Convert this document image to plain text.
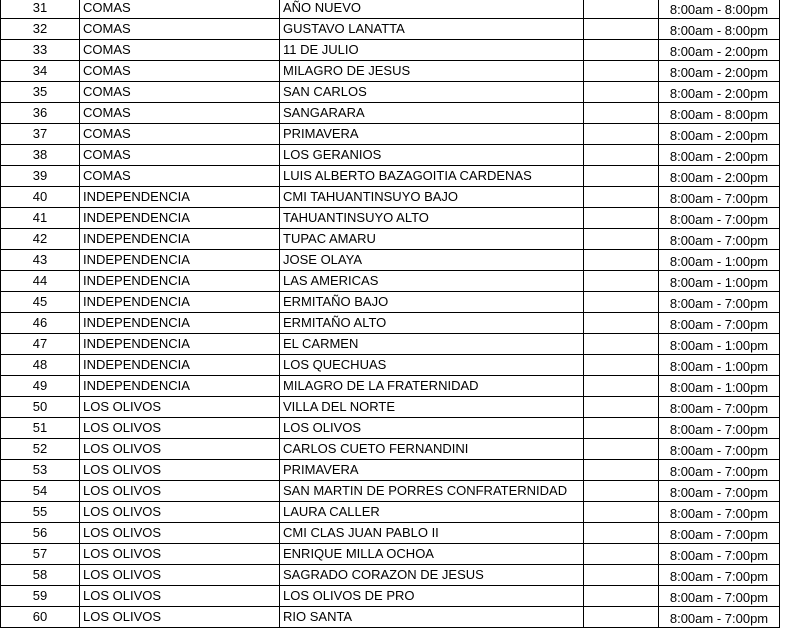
31	COMAS	AÑO NUEVO		8:00am - 8:00pm
32	COMAS	GUSTAVO LANATTA		8:00am - 8:00pm
33	COMAS	11 DE JULIO		8:00am - 2:00pm
34	COMAS	MILAGRO DE JESUS		8:00am - 2:00pm
35	COMAS	SAN CARLOS		8:00am - 2:00pm
36	COMAS	SANGARARA		8:00am - 8:00pm
37	COMAS	PRIMAVERA		8:00am - 2:00pm
38	COMAS	LOS GERANIOS		8:00am - 2:00pm
39	COMAS	LUIS ALBERTO BAZAGOITIA CARDENAS		8:00am - 2:00pm
40	INDEPENDENCIA	CMI TAHUANTINSUYO BAJO		8:00am - 7:00pm
41	INDEPENDENCIA	TAHUANTINSUYO ALTO		8:00am - 7:00pm
42	INDEPENDENCIA	TUPAC AMARU		8:00am - 7:00pm
43	INDEPENDENCIA	JOSE OLAYA		8:00am - 1:00pm
44	INDEPENDENCIA	LAS AMERICAS		8:00am - 1:00pm
45	INDEPENDENCIA	ERMITAÑO BAJO		8:00am - 7:00pm
46	INDEPENDENCIA	ERMITAÑO ALTO		8:00am - 7:00pm
47	INDEPENDENCIA	EL CARMEN		8:00am - 1:00pm
48	INDEPENDENCIA	LOS QUECHUAS		8:00am - 1:00pm
49	INDEPENDENCIA	MILAGRO DE LA FRATERNIDAD		8:00am - 1:00pm
50	LOS OLIVOS	VILLA DEL NORTE		8:00am - 7:00pm
51	LOS OLIVOS	LOS OLIVOS		8:00am - 7:00pm
52	LOS OLIVOS	CARLOS CUETO FERNANDINI		8:00am - 7:00pm
53	LOS OLIVOS	PRIMAVERA		8:00am - 7:00pm
54	LOS OLIVOS	SAN MARTIN DE PORRES CONFRATERNIDAD		8:00am - 7:00pm
55	LOS OLIVOS	LAURA CALLER		8:00am - 7:00pm
56	LOS OLIVOS	CMI CLAS JUAN PABLO II		8:00am - 7:00pm
57	LOS OLIVOS	ENRIQUE MILLA OCHOA		8:00am - 7:00pm
58	LOS OLIVOS	SAGRADO CORAZON DE JESUS		8:00am - 7:00pm
59	LOS OLIVOS	LOS OLIVOS DE PRO		8:00am - 7:00pm
60	LOS OLIVOS	RIO SANTA		8:00am - 7:00pm
